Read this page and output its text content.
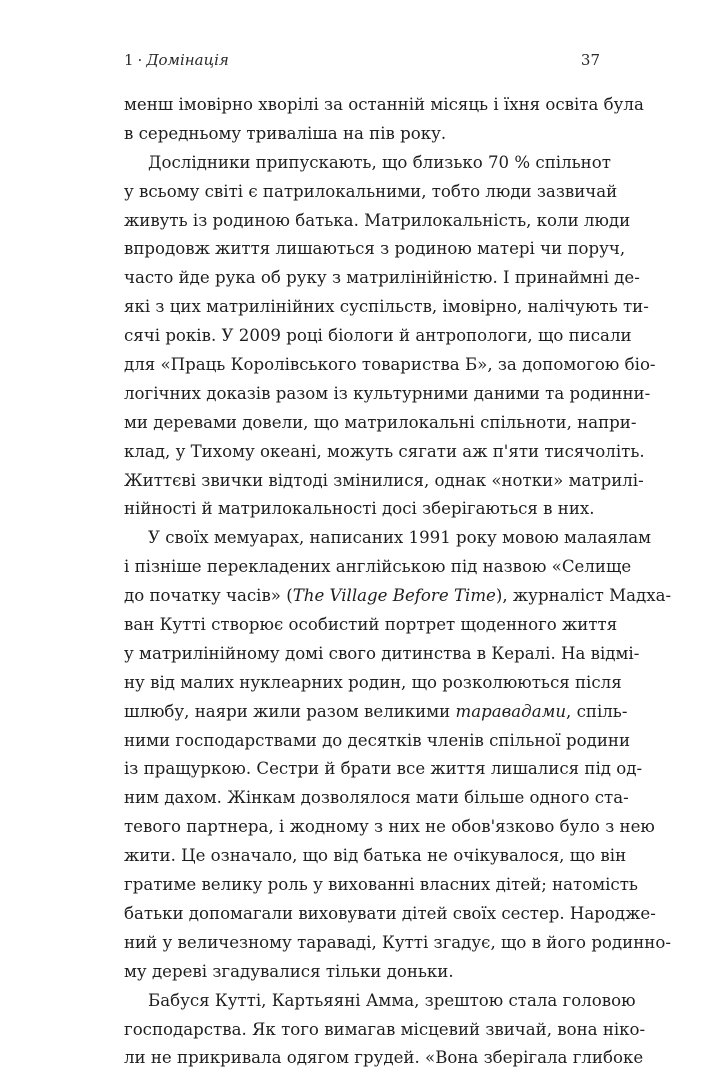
1 · Домінація	37
менш імовірно хворілі за останній місяць і їхня освіта була
в середньому триваліша на пів року.
Дослідники припускають, що близько 70 % спільнот
у всьому світі є патрилокальними, тобто люди зазвичай
живуть із родиною батька. Матрилокальність, коли люди
впродовж життя лишаються з родиною матері чи поруч,
часто йде рука об руку з матрилінійністю. І принаймні де-
які з цих матрилінійних суспільств, імовірно, налічують ти-
сячі років. У 2009 році біологи й антропологи, що писали
для «Праць Королівського товариства Б», за допомогою біо-
логічних доказів разом із культурними даними та родинни-
ми деревами довели, що матрилокальні спільноти, напри-
клад, у Тихому океані, можуть сягати аж п'яти тисячоліть.
Життєві звички відтоді змінилися, однак «нотки» матрилі-
нійності й матрилокальності досі зберігаються в них.
У своїх мемуарах, написаних 1991 року мовою малаялам
і пізніше перекладених англійською під назвою «Селище
до початку часів» (The Village Before Time), журналіст Мадха-
ван Кутті створює особистий портрет щоденного життя
у матрилінійному домі свого дитинства в Кералі. На відмі-
ну від малих нуклеарних родин, що розколюються після
шлюбу, наяри жили разом великими таравадами, спіль-
ними господарствами до десятків членів спільної родини
із пращуркою. Сестри й брати все життя лишалися під од-
ним дахом. Жінкам дозволялося мати більше одного ста-
тевого партнера, і жодному з них не обов'язково було з нею
жити. Це означало, що від батька не очікувалося, що він
гратиме велику роль у вихованні власних дітей; натомість
батьки допомагали виховувати дітей своїх сестер. Народже-
ний у величезному тараваді, Кутті згадує, що в його родинно-
му дереві згадувалися тільки доньки.
Бабуся Кутті, Картьяяні Амма, зрештою стала головою
господарства. Як того вимагав місцевий звичай, вона ніко-
ли не прикривала одягом грудей. «Вона зберігала глибоке
